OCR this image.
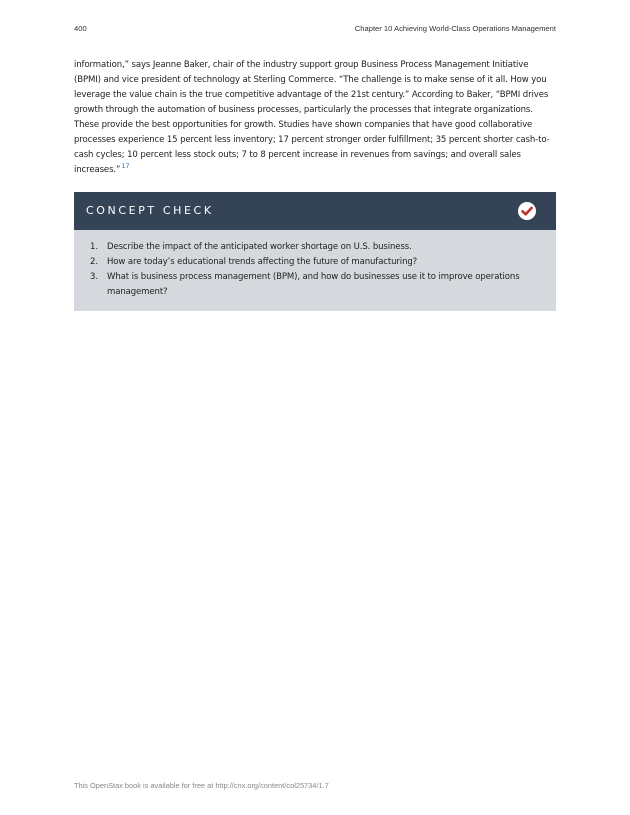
400	Chapter 10 Achieving World-Class Operations Management

information,” says Jeanne Baker, chair of the industry support group Business Process Management Initiative (BPMI) and vice president of technology at Sterling Commerce. “The challenge is to make sense of it all. How you leverage the value chain is the true competitive advantage of the 21st century.” According to Baker, “BPMI drives growth through the automation of business processes, particularly the processes that integrate organizations. These provide the best opportunities for growth. Studies have shown companies that have good collaborative processes experience 15 percent less inventory; 17 percent stronger order fulfillment; 35 percent shorter cash-to-cash cycles; 10 percent less stock outs; 7 to 8 percent increase in revenues from savings; and overall sales increases.”$^{17}$

CONCEPT CHECK
1. Describe the impact of the anticipated worker shortage on U.S. business.
2. How are today’s educational trends affecting the future of manufacturing?
3. What is business process management (BPM), and how do businesses use it to improve operations management?
This OpenStax book is available for free at http://cnx.org/content/col25734/1.7
